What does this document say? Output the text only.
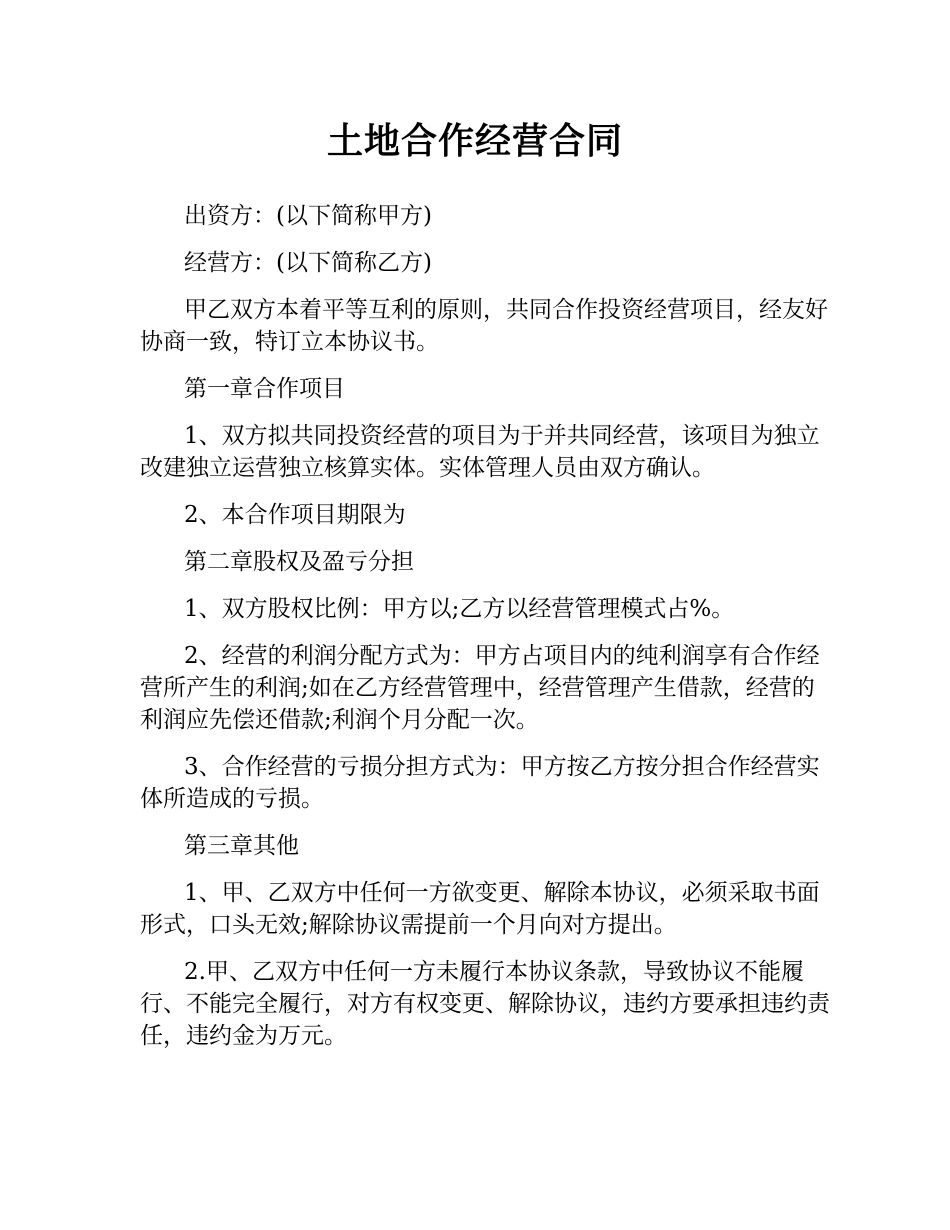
土地合作经营合同

出资方：(以下简称甲方)

经营方：(以下简称乙方)

甲乙双方本着平等互利的原则，共同合作投资经营项目，经友好协商一致，特订立本协议书。

第一章合作项目

1、双方拟共同投资经营的项目为于并共同经营，该项目为独立改建独立运营独立核算实体。实体管理人员由双方确认。

2、本合作项目期限为

第二章股权及盈亏分担

1、双方股权比例：甲方以;乙方以经营管理模式占%。

2、经营的利润分配方式为：甲方占项目内的纯利润享有合作经营所产生的利润;如在乙方经营管理中，经营管理产生借款，经营的利润应先偿还借款;利润个月分配一次。

3、合作经营的亏损分担方式为：甲方按乙方按分担合作经营实体所造成的亏损。

第三章其他

1、甲、乙双方中任何一方欲变更、解除本协议，必须采取书面形式，口头无效;解除协议需提前一个月向对方提出。

2.甲、乙双方中任何一方未履行本协议条款，导致协议不能履行、不能完全履行，对方有权变更、解除协议，违约方要承担违约责任，违约金为万元。
